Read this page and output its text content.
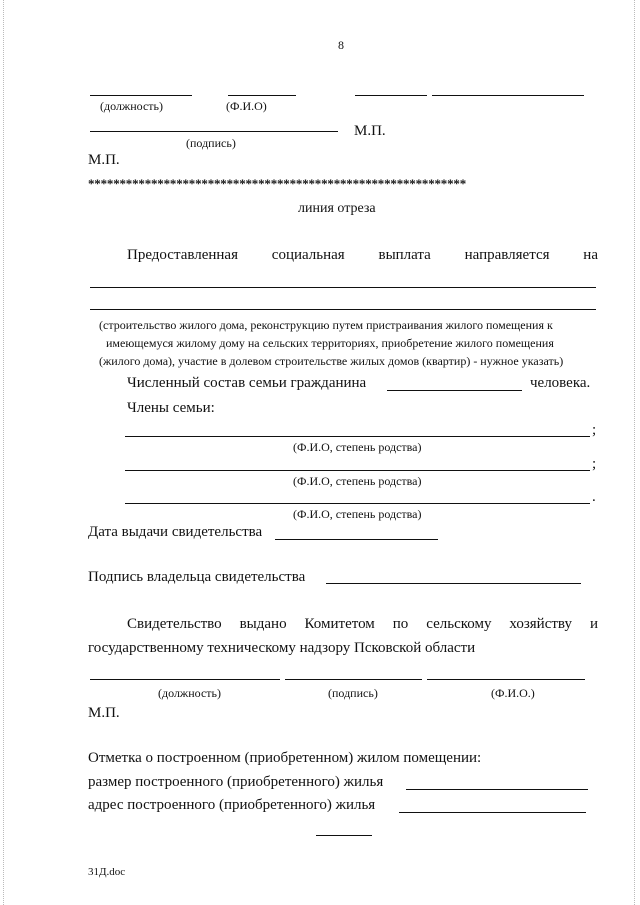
8
(должность)	(Ф.И.О)
М.П.
(подпись)
М.П.
************************************************************
линия отреза
Предоставленная социальная выплата направляется на
(строительство жилого дома, реконструкцию путем пристраивания жилого помещения к
имеющемуся жилому дому на сельских территориях, приобретение жилого помещения
(жилого дома), участие в долевом строительстве жилых домов (квартир) - нужное указать)
Численный состав семьи гражданина	человека.
Члены семьи:
;
(Ф.И.О, степень родства)
;
(Ф.И.О, степень родства)
.
(Ф.И.О, степень родства)
Дата выдачи свидетельства
Подпись владельца свидетельства
Свидетельство выдано Комитетом по сельскому хозяйству и
государственному техническому надзору Псковской области
(должность)	(подпись)	(Ф.И.О.)
М.П.
Отметка о построенном (приобретенном) жилом помещении:
размер построенного (приобретенного) жилья
адрес построенного (приобретенного) жилья
31Д.doc
